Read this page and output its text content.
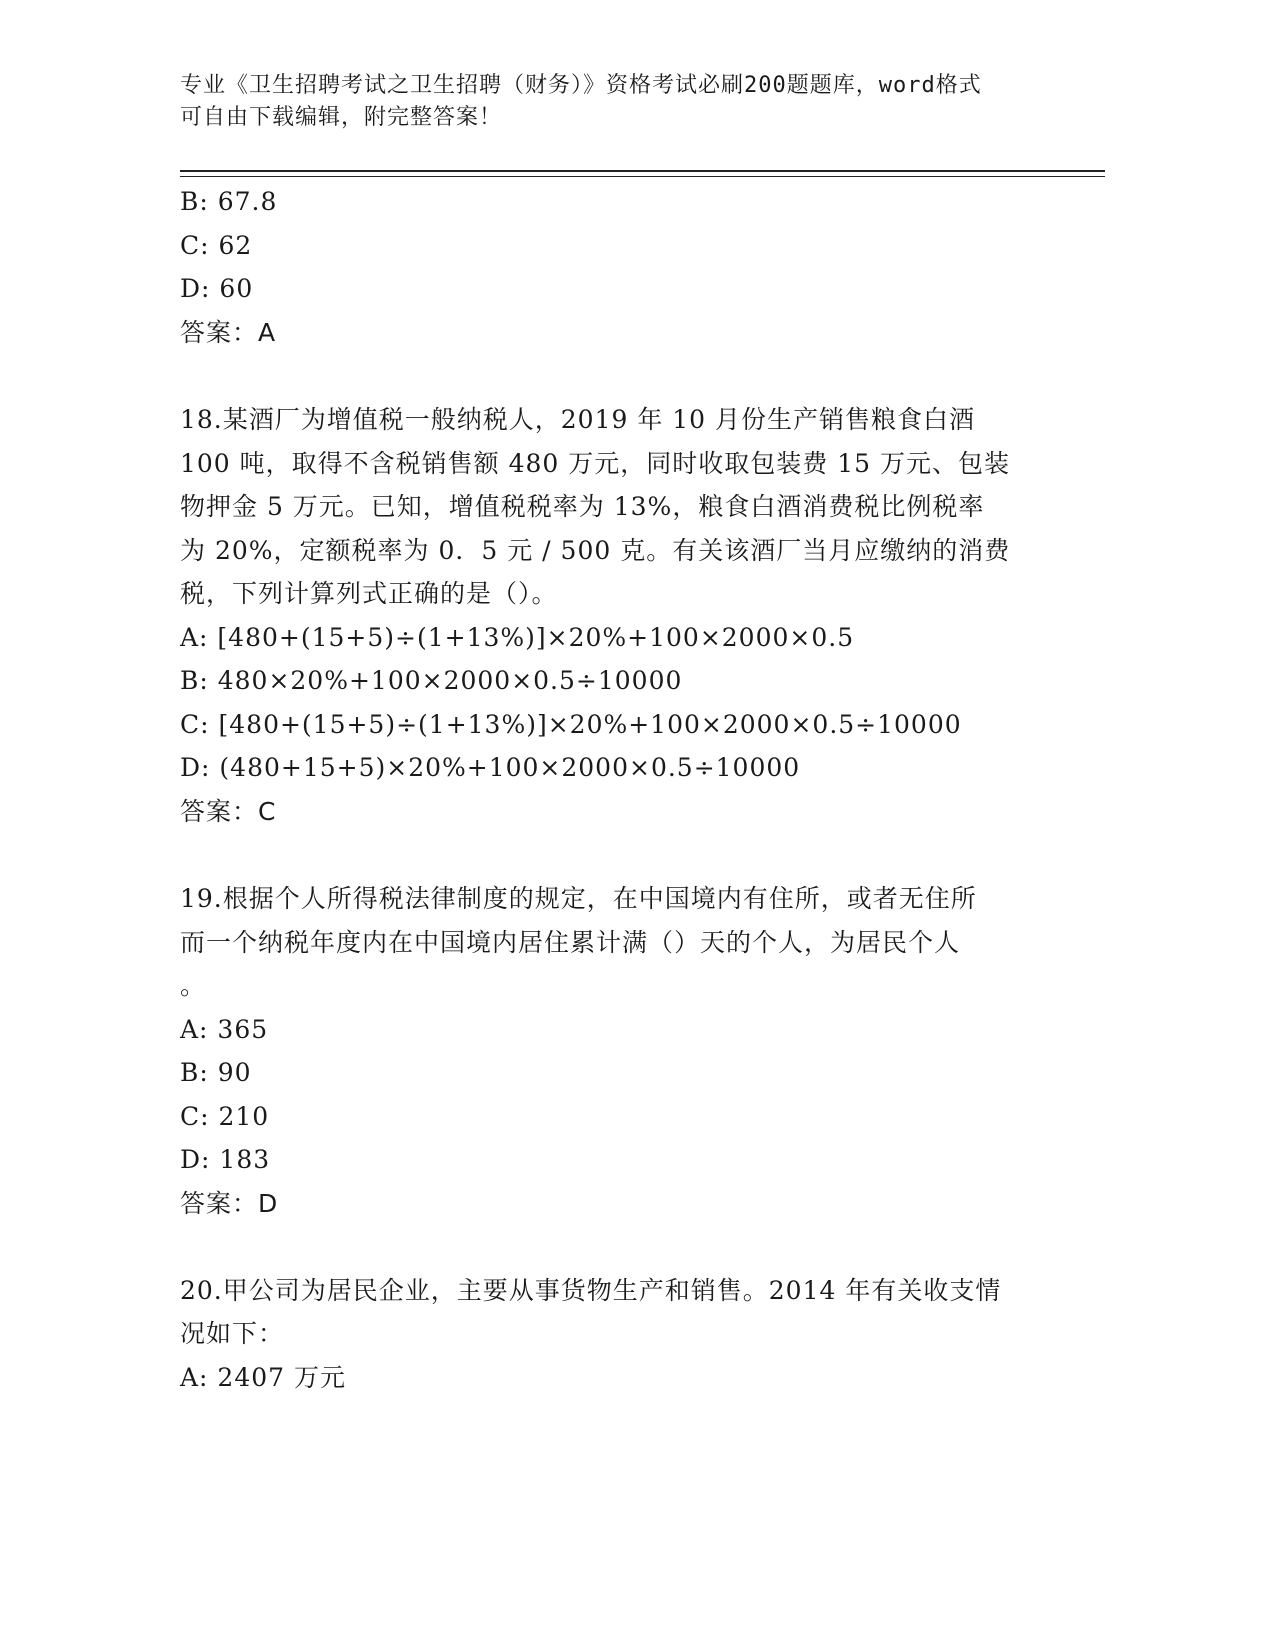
专业《卫生招聘考试之卫生招聘（财务）》资格考试必刷200题题库，word格式
可自由下载编辑，附完整答案！
B: 67.8
C: 62
D: 60
答案：A
18.某酒厂为增值税一般纳税人，2019 年 10 月份生产销售粮食白酒
100 吨，取得不含税销售额 480 万元，同时收取包装费 15 万元、包装
物押金 5 万元。已知，增值税税率为 13%，粮食白酒消费税比例税率
为 20%，定额税率为 0．5 元 / 500 克。有关该酒厂当月应缴纳的消费
税，下列计算列式正确的是（）。
A: [480+(15+5)÷(1+13%)]×20%+100×2000×0.5
B: 480×20%+100×2000×0.5÷10000
C: [480+(15+5)÷(1+13%)]×20%+100×2000×0.5÷10000
D: (480+15+5)×20%+100×2000×0.5÷10000
答案：C
19.根据个人所得税法律制度的规定，在中国境内有住所，或者无住所
而一个纳税年度内在中国境内居住累计满（）天的个人，为居民个人
。
A: 365
B: 90
C: 210
D: 183
答案：D
20.甲公司为居民企业，主要从事货物生产和销售。2014 年有关收支情
况如下：
A: 2407 万元
